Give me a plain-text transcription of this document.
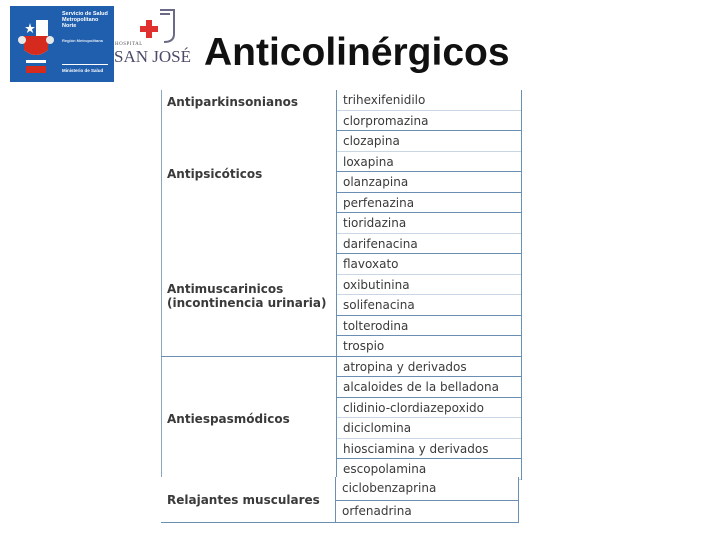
Servicio de Salud Metropolitano Norte
Región Metropolitana
Ministerio de Salud
HOSPITAL
SAN JOSÉ Anticolinérgicos
Antiparkinsonianos
Antipsicóticos
Antimuscarinicos (incontinencia urinaria)
Antiespasmódicos
trihexifenidilo
clorpromazina
clozapina
loxapina
olanzapina
perfenazina
tioridazina
darifenacina
flavoxato
oxibutinina
solifenacina
tolterodina
trospio
atropina y derivados
alcaloides de la belladona
clidinio-clordiazepoxido
diciclomina
hiosciamina y derivados
escopolamina
Relajantes musculares
ciclobenzaprina
orfenadrina
